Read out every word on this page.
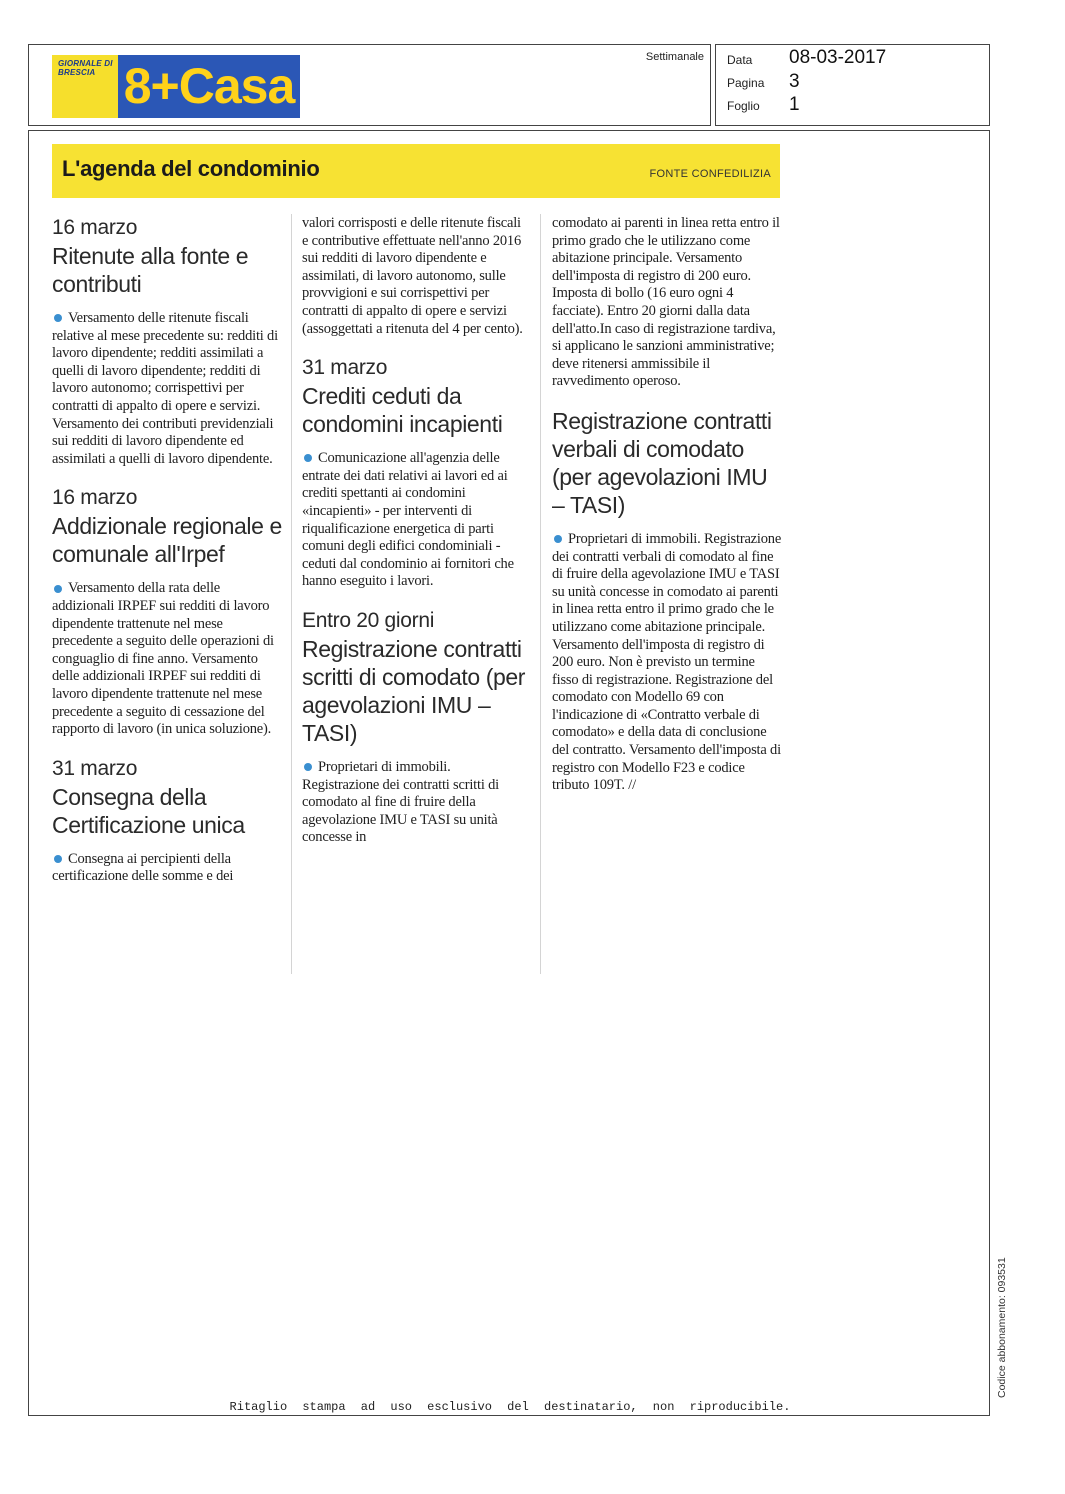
GIORNALE DI BRESCIA 8+Casa
Settimanale Data 08-03-2017
Pagina 3
Foglio 1
L'agenda del condominio	FONTE CONFEDILIZIA

16 marzo

Ritenute alla fonte e contributi

Versamento delle ritenute fiscali relative al mese precedente su: redditi di lavoro dipendente; redditi assimilati a quelli di lavoro dipendente; redditi di lavoro autonomo; corrispettivi per contratti di appalto di opere e servizi. Versamento dei contributi previdenziali sui redditi di lavoro dipendente ed assimilati a quelli di lavoro dipendente.

16 marzo

Addizionale regionale e comunale all'Irpef

Versamento della rata delle addizionali IRPEF sui redditi di lavoro dipendente trattenute nel mese precedente a seguito delle operazioni di conguaglio di fine anno. Versamento delle addizionali IRPEF sui redditi di lavoro dipendente trattenute nel mese precedente a seguito di cessazione del rapporto di lavoro (in unica soluzione).

31 marzo

Consegna della Certificazione unica

Consegna ai percipienti della certificazione delle somme e dei

valori corrisposti e delle ritenute fiscali e contributive effettuate nell'anno 2016 sui redditi di lavoro dipendente e assimilati, di lavoro autonomo, sulle provvigioni e sui corrispettivi per contratti di appalto di opere e servizi (assoggettati a ritenuta del 4 per cento).

31 marzo

Crediti ceduti da condomini incapienti

Comunicazione all'agenzia delle entrate dei dati relativi ai lavori ed ai crediti spettanti ai condomini «incapienti» - per interventi di riqualificazione energetica di parti comuni degli edifici condominiali - ceduti dal condominio ai fornitori che hanno eseguito i lavori.

Entro 20 giorni

Registrazione contratti scritti di comodato (per agevolazioni IMU – TASI)

Proprietari di immobili. Registrazione dei contratti scritti di comodato al fine di fruire della agevolazione IMU e TASI su unità concesse in

comodato ai parenti in linea retta entro il primo grado che le utilizzano come abitazione principale. Versamento dell'imposta di registro di 200 euro. Imposta di bollo (16 euro ogni 4 facciate). Entro 20 giorni dalla data dell'atto.In caso di registrazione tardiva, si applicano le sanzioni amministrative; deve ritenersi ammissibile il ravvedimento operoso.

Registrazione contratti verbali di comodato (per agevolazioni IMU – TASI)

Proprietari di immobili. Registrazione dei contratti verbali di comodato al fine di fruire della agevolazione IMU e TASI su unità concesse in comodato ai parenti in linea retta entro il primo grado che le utilizzano come abitazione principale. Versamento dell'imposta di registro di 200 euro. Non è previsto un termine fisso di registrazione. Registrazione del comodato con Modello 69 con l'indicazione di «Contratto verbale di comodato» e della data di conclusione del contratto. Versamento dell'imposta di registro con Modello F23 e codice tributo 109T. //

Ritaglio stampa ad uso esclusivo del destinatario, non riproducibile.
Codice abbonamento: 093531
